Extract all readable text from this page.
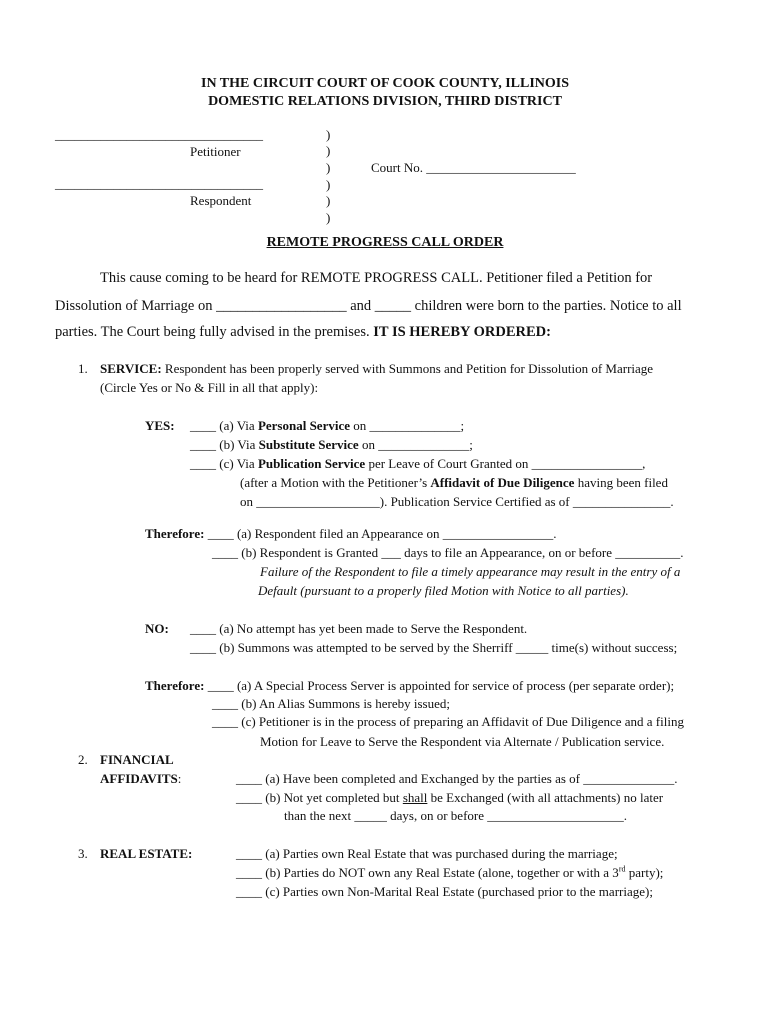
IN THE CIRCUIT COURT OF COOK COUNTY, ILLINOIS
DOMESTIC RELATIONS DIVISION, THIRD DISTRICT
________________________________
Petitioner
________________________________
Respondent
)
)
)
)
)
)
Court No. _______________________
REMOTE PROGRESS CALL ORDER
This cause coming to be heard for REMOTE PROGRESS CALL. Petitioner filed a Petition for
Dissolution of Marriage on __________________ and _____ children were born to the parties. Notice to all
parties. The Court being fully advised in the premises. IT IS HEREBY ORDERED:
1. SERVICE: Respondent has been properly served with Summons and Petition for Dissolution of Marriage
(Circle Yes or No & Fill in all that apply):
YES: ____ (a) Via Personal Service on ______________;
____ (b) Via Substitute Service on ______________;
____ (c) Via Publication Service per Leave of Court Granted on _________________,
(after a Motion with the Petitioner’s Affidavit of Due Diligence having been filed
on ___________________). Publication Service Certified as of _______________.
Therefore: ____ (a) Respondent filed an Appearance on _________________.
____ (b) Respondent is Granted ___ days to file an Appearance, on or before __________.
Failure of the Respondent to file a timely appearance may result in the entry of a
Default (pursuant to a properly filed Motion with Notice to all parties).
NO: ____ (a) No attempt has yet been made to Serve the Respondent.
____ (b) Summons was attempted to be served by the Sherriff _____ time(s) without success;
Therefore: ____ (a) A Special Process Server is appointed for service of process (per separate order);
____ (b) An Alias Summons is hereby issued;
____ (c) Petitioner is in the process of preparing an Affidavit of Due Diligence and a filing
Motion for Leave to Serve the Respondent via Alternate / Publication service.
2. FINANCIAL
AFFIDAVITS:	____ (a) Have been completed and Exchanged by the parties as of ______________.
____ (b) Not yet completed but shall be Exchanged (with all attachments) no later
than the next _____ days, on or before _____________________.
3. REAL ESTATE:	____ (a) Parties own Real Estate that was purchased during the marriage;
____ (b) Parties do NOT own any Real Estate (alone, together or with a 3rd party);
____ (c) Parties own Non-Marital Real Estate (purchased prior to the marriage);
